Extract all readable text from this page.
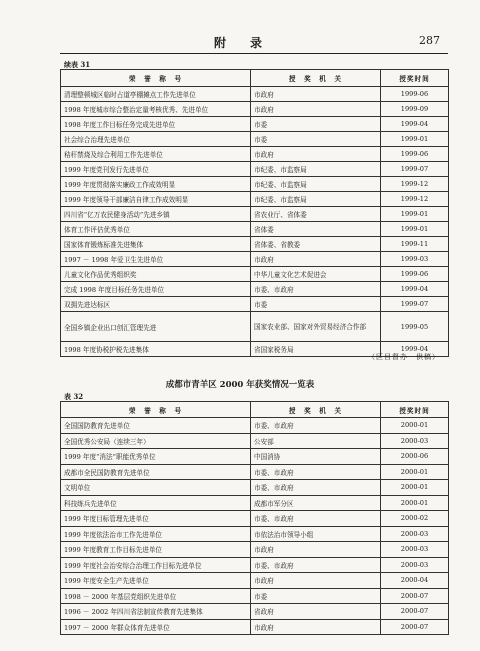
附　录	287
续表 31
荣　誉　称　号	授　奖　机　关	授奖时间
清理整顿城区临时占道亭棚摊点工作先进单位	市政府	1999-06
1998 年度城市综合整治定量考核优秀、先进单位	市政府	1999-09
1998 年度工作目标任务完成先进单位	市委	1999-04
社会综合治理先进单位	市委	1999-01
秸秆禁烧及综合利用工作先进单位	市政府	1999-06
1999 年度党刊发行先进单位	市纪委、市监察局	1999-07
1999 年度贯彻落实廉政工作成效明显	市纪委、市监察局	1999-12
1999 年度领导干部廉洁自律工作成效明显	市纪委、市监察局	1999-12
四川省“亿万农民健身活动”先进乡镇	省农业厅、省体委	1999-01
体育工作评估优秀单位	省体委	1999-01
国家体育锻炼标准先进集体	省体委、省教委	1999-11
1997 － 1998 年爱卫生先进单位	市政府	1999-03
儿童文化作品优秀组织奖	中华儿童文化艺术促进会	1999-06
完成 1998 年度目标任务先进单位	市委、市政府	1999-04
双拥先进达标区	市委	1999-07
全国乡镇企业出口创汇管理先进	国家农业部、国家对外贸易经济合作部	1999-05
1998 年度协税护税先进集体	省国家税务局	1999-04
（区目督办　供稿）
成都市青羊区 2000 年获奖情况一览表
表 32
荣　誉　称　号	授　奖　机　关	授奖时间
全国国防教育先进单位	市委、市政府	2000-01
全国优秀公安局（连续三年）	公安部	2000-03
1999 年度“消法”职能优秀单位	中国消协	2000-06
成都市全民国防教育先进单位	市委、市政府	2000-01
文明单位	市委、市政府	2000-01
科技练兵先进单位	成都市军分区	2000-01
1999 年度目标管理先进单位	市委、市政府	2000-02
1999 年度依法治市工作先进单位	市依法治市领导小组	2000-03
1999 年度教育工作目标先进单位	市政府	2000-03
1999 年度社会治安综合治理工作目标先进单位	市委、市政府	2000-03
1999 年度安全生产先进单位	市政府	2000-04
1998 － 2000 年基层党组织先进单位	市委	2000-07
1996 － 2002 年四川省法制宣传教育先进集体	省政府	2000-07
1997 － 2000 年群众体育先进单位	市政府	2000-07
